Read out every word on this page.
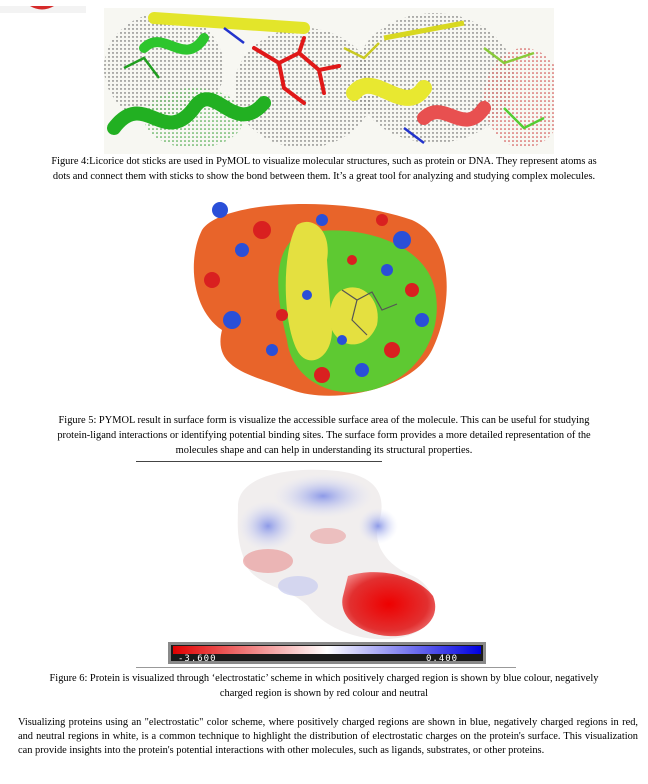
Figure 4:Licorice dot sticks are used in PyMOL to visualize molecular structures, such as protein or DNA. They represent atoms as
dots and connect them with sticks to show the bond between them. It’s a great tool for analyzing and studying complex molecules.
Figure 5: PYMOL result in surface form is visualize the accessible surface area of the molecule. This can be useful for studying
protein-ligand interactions or identifying potential binding sites. The surface form provides a more detailed representation of the
molecules shape and can help in understanding its structural properties.
-3.600	0.400
Figure 6: Protein is visualized through ‘electrostatic’ scheme in which positively charged region is shown by blue colour, negatively
charged region is shown by red colour and neutral
Visualizing proteins using an "electrostatic" color scheme, where positively charged regions are shown in blue, negatively charged regions in red, and neutral regions in white, is a common technique to highlight the distribution of electrostatic charges on the protein's surface. This visualization can provide insights into the protein's potential interactions with other molecules, such as ligands, substrates, or other proteins.
